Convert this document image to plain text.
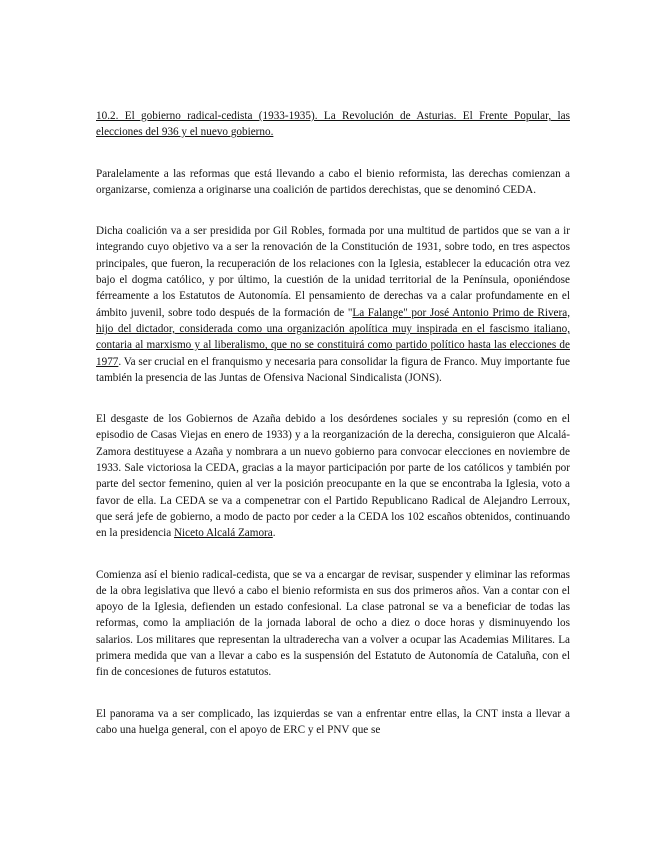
10.2. El gobierno radical-cedista (1933-1935). La Revolución de Asturias. El Frente Popular, las elecciones del 936 y el nuevo gobierno.

Paralelamente a las reformas que está llevando a cabo el bienio reformista, las derechas comienzan a organizarse, comienza a originarse una coalición de partidos derechistas, que se denominó CEDA.

Dicha coalición va a ser presidida por Gil Robles, formada por una multitud de partidos que se van a ir integrando cuyo objetivo va a ser la renovación de la Constitución de 1931, sobre todo, en tres aspectos principales, que fueron, la recuperación de los relaciones con la Iglesia, establecer la educación otra vez bajo el dogma católico, y por último, la cuestión de la unidad territorial de la Península, oponiéndose férreamente a los Estatutos de Autonomía. El pensamiento de derechas va a calar profundamente en el ámbito juvenil, sobre todo después de la formación de "La Falange" por José Antonio Primo de Rivera, hijo del dictador, considerada como una organización apolítica muy inspirada en el fascismo italiano, contaria al marxismo y al liberalismo, que no se constituirá como partido político hasta las elecciones de 1977. Va ser crucial en el franquismo y necesaria para consolidar la figura de Franco. Muy importante fue también la presencia de las Juntas de Ofensiva Nacional Sindicalista (JONS).

El desgaste de los Gobiernos de Azaña debido a los desórdenes sociales y su represión (como en el episodio de Casas Viejas en enero de 1933) y a la reorganización de la derecha, consiguieron que Alcalá-Zamora destituyese a Azaña y nombrara a un nuevo gobierno para convocar elecciones en noviembre de 1933. Sale victoriosa la CEDA, gracias a la mayor participación por parte de los católicos y también por parte del sector femenino, quien al ver la posición preocupante en la que se encontraba la Iglesia, voto a favor de ella. La CEDA se va a compenetrar con el Partido Republicano Radical de Alejandro Lerroux, que será jefe de gobierno, a modo de pacto por ceder a la CEDA los 102 escaños obtenidos, continuando en la presidencia Niceto Alcalá Zamora.

Comienza así el bienio radical-cedista, que se va a encargar de revisar, suspender y eliminar las reformas de la obra legislativa que llevó a cabo el bienio reformista en sus dos primeros años. Van a contar con el apoyo de la Iglesia, defienden un estado confesional. La clase patronal se va a beneficiar de todas las reformas, como la ampliación de la jornada laboral de ocho a diez o doce horas y disminuyendo los salarios. Los militares que representan la ultraderecha van a volver a ocupar las Academias Militares. La primera medida que van a llevar a cabo es la suspensión del Estatuto de Autonomía de Cataluña, con el fin de concesiones de futuros estatutos.

El panorama va a ser complicado, las izquierdas se van a enfrentar entre ellas, la CNT insta a llevar a cabo una huelga general, con el apoyo de ERC y el PNV que se
